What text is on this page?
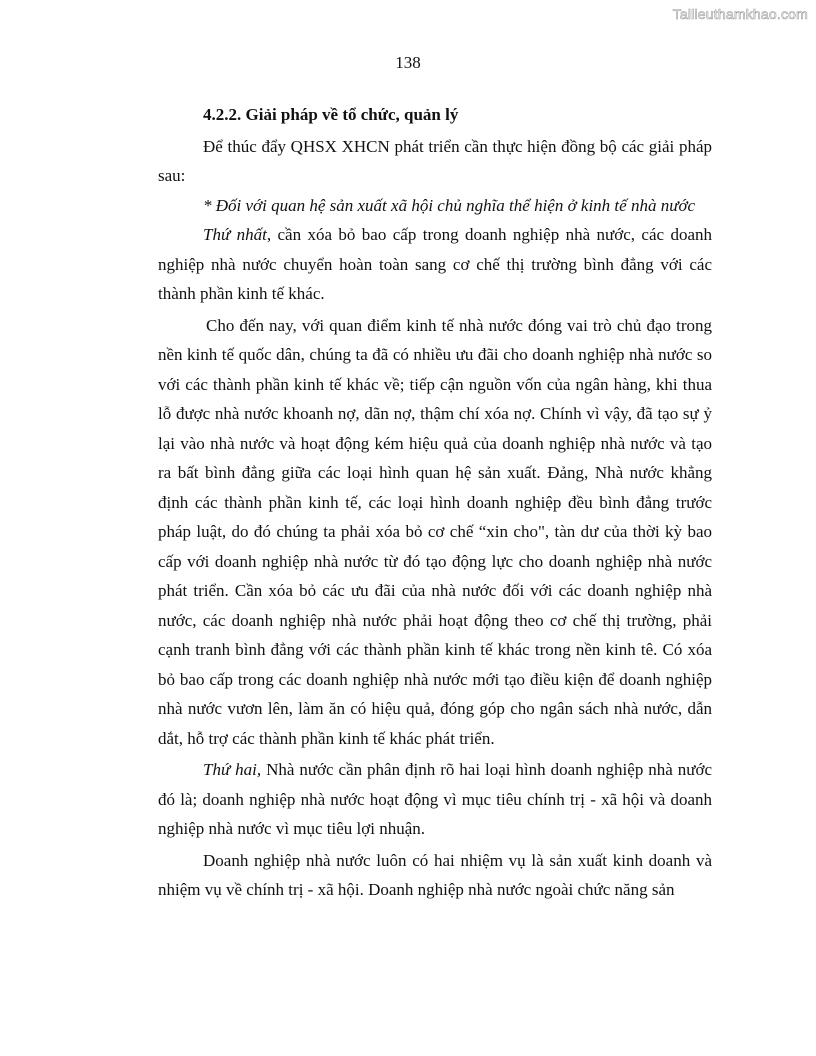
Tailieuthamkhao.com
138

4.2.2. Giải pháp về tổ chức, quản lý

Để thúc đẩy QHSX XHCN phát triển cần thực hiện đồng bộ các giải pháp sau:

* Đối với quan hệ sản xuất xã hội chủ nghĩa thể hiện ở kinh tế nhà nước

Thứ nhất, cần xóa bỏ bao cấp trong doanh nghiệp nhà nước, các doanh nghiệp nhà nước chuyển hoàn toàn sang cơ chế thị trường bình đẳng với các thành phần kinh tế khác.

Cho đến nay, với quan điểm kinh tế nhà nước đóng vai trò chủ đạo trong nền kinh tế quốc dân, chúng ta đã có nhiều ưu đãi cho doanh nghiệp nhà nước so với các thành phần kinh tế khác về; tiếp cận nguồn vốn của ngân hàng, khi thua lỗ được nhà nước khoanh nợ, dãn nợ, thậm chí xóa nợ. Chính vì vậy, đã tạo sự ỷ lại vào nhà nước và hoạt động kém hiệu quả của doanh nghiệp nhà nước và tạo ra bất bình đẳng giữa các loại hình quan hệ sản xuất. Đảng, Nhà nước khẳng định các thành phần kinh tế, các loại hình doanh nghiệp đều bình đẳng trước pháp luật, do đó chúng ta phải xóa bỏ cơ chế “xin cho", tàn dư của thời kỳ bao cấp với doanh nghiệp nhà nước từ đó tạo động lực cho doanh nghiệp nhà nước phát triển. Cần xóa bỏ các ưu đãi của nhà nước đối với các doanh nghiệp nhà nước, các doanh nghiệp nhà nước phải hoạt động theo cơ chế thị trường, phải cạnh tranh bình đẳng với các thành phần kinh tế khác trong nền kinh tê. Có xóa bỏ bao cấp trong các doanh nghiệp nhà nước mới tạo điều kiện để doanh nghiệp nhà nước vươn lên, làm ăn có hiệu quả, đóng góp cho ngân sách nhà nước, dẫn dắt, hỗ trợ các thành phần kinh tế khác phát triển.

Thứ hai, Nhà nước cần phân định rõ hai loại hình doanh nghiệp nhà nước đó là; doanh nghiệp nhà nước hoạt động vì mục tiêu chính trị - xã hội và doanh nghiệp nhà nước vì mục tiêu lợi nhuận.

Doanh nghiệp nhà nước luôn có hai nhiệm vụ là sản xuất kinh doanh và nhiệm vụ về chính trị - xã hội. Doanh nghiệp nhà nước ngoài chức năng sản
